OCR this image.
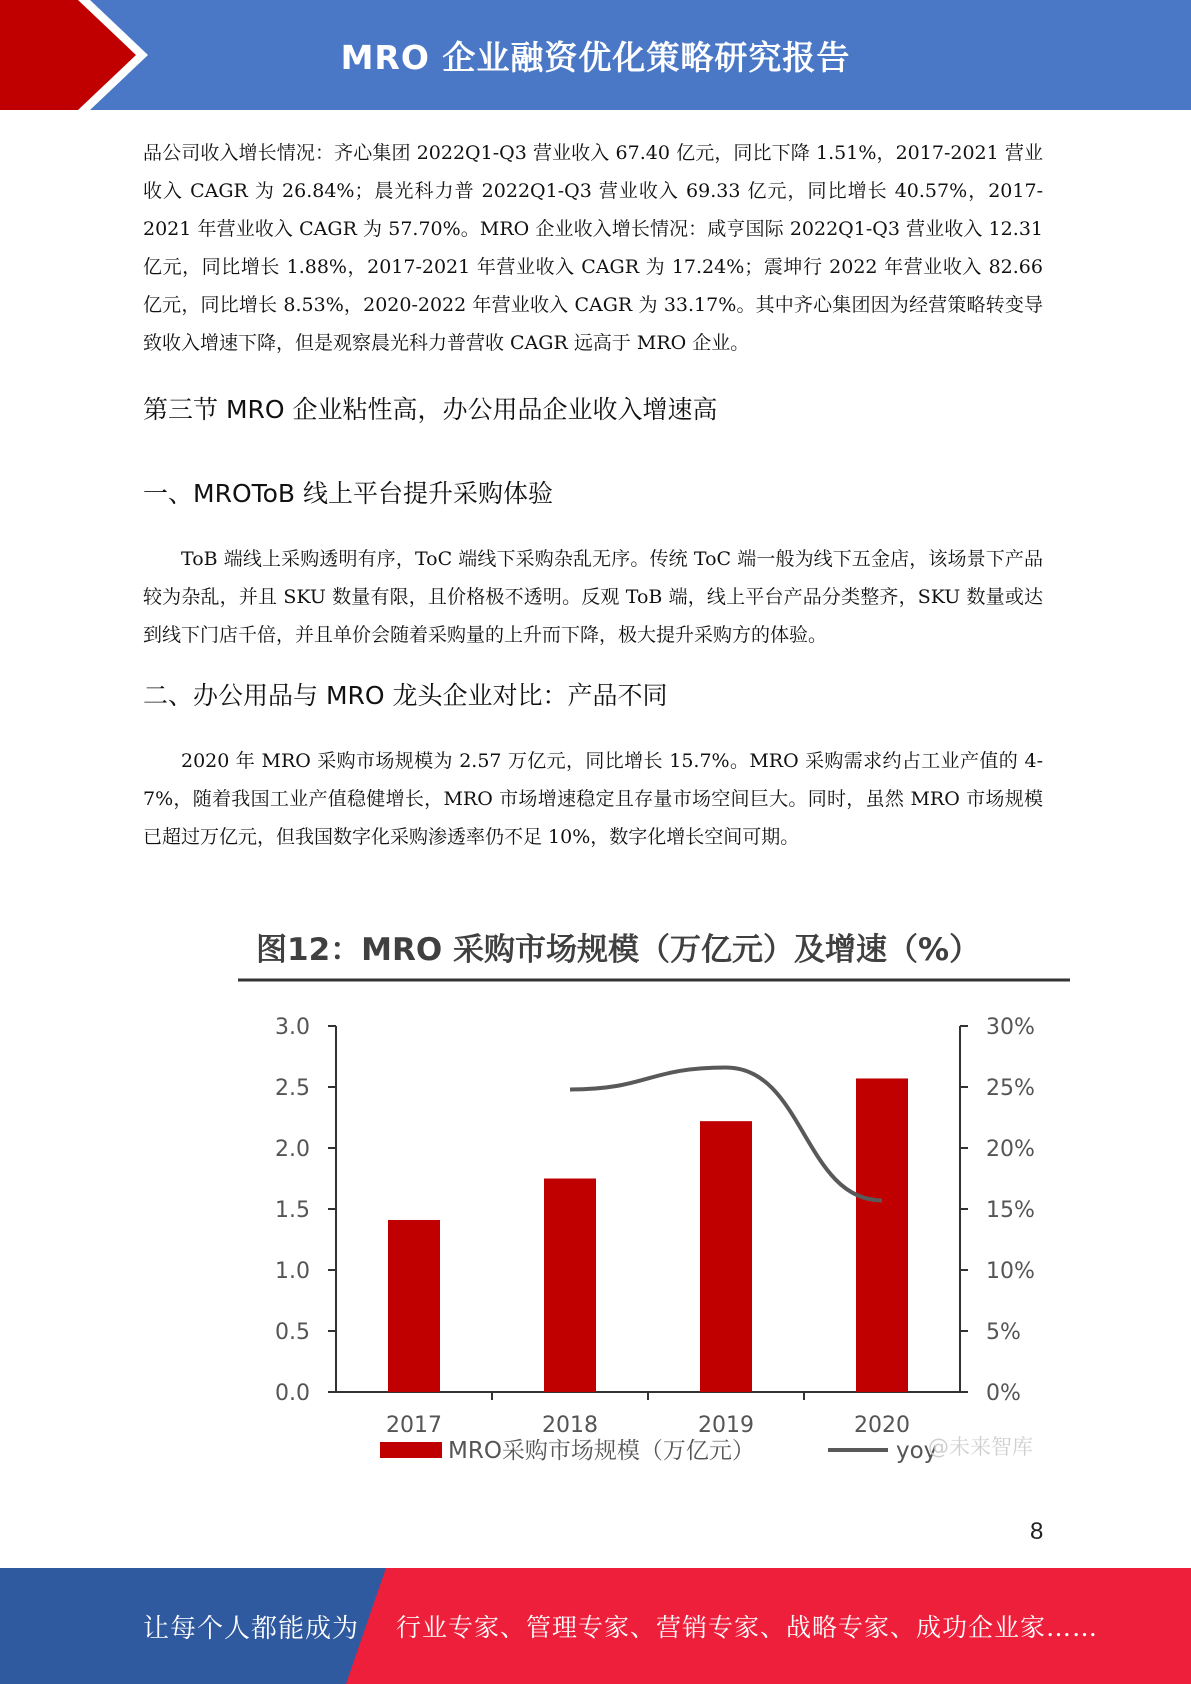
MRO 企业融资优化策略研究报告

品公司收入增长情况：齐心集团 2022Q1-Q3 营业收入 67.40 亿元，同比下降 1.51%，2017-2021 营业收入 CAGR 为 26.84%；晨光科力普 2022Q1-Q3 营业收入 69.33 亿元，同比增长 40.57%，2017-2021 年营业收入 CAGR 为 57.70%。MRO 企业收入增长情况：咸亨国际 2022Q1-Q3 营业收入 12.31 亿元，同比增长 1.88%，2017-2021 年营业收入 CAGR 为 17.24%；震坤行 2022 年营业收入 82.66 亿元，同比增长 8.53%，2020-2022 年营业收入 CAGR 为 33.17%。其中齐心集团因为经营策略转变导致收入增速下降，但是观察晨光科力普营收 CAGR 远高于 MRO 企业。

第三节 MRO 企业粘性高，办公用品企业收入增速高
一、MROToB 线上平台提升采购体验

ToB 端线上采购透明有序，ToC 端线下采购杂乱无序。传统 ToC 端一般为线下五金店，该场景下产品较为杂乱，并且 SKU 数量有限，且价格极不透明。反观 ToB 端，线上平台产品分类整齐，SKU 数量或达到线下门店千倍，并且单价会随着采购量的上升而下降，极大提升采购方的体验。

二、办公用品与 MRO 龙头企业对比：产品不同

2020 年 MRO 采购市场规模为 2.57 万亿元，同比增长 15.7%。MRO 采购需求约占工业产值的 4-7%，随着我国工业产值稳健增长，MRO 市场增速稳定且存量市场空间巨大。同时，虽然 MRO 市场规模已超过万亿元，但我国数字化采购渗透率仍不足 10%，数字化增长空间可期。

图12：MRO 采购市场规模（万亿元）及增速（%）
3.0
2.5
2.0
1.5
1.0
0.5
0.0
30%
25%
20%
15%
10%
5%
0%
2017	2018	2019	2020
MRO采购市场规模（万亿元）	yoy
@未来智库
8
让每个人都能成为 行业专家、管理专家、营销专家、战略专家、成功企业家……
